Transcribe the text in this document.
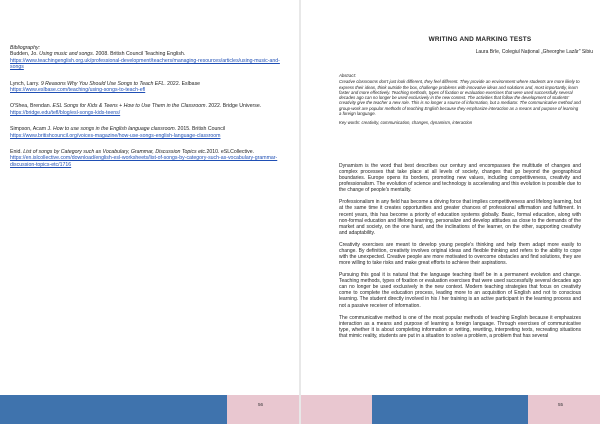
Bibliography:

Budden, Jo. Using music and songs. 2008. British Council Teaching English. https://www.teachingenglish.org.uk/professional-development/teachers/managing-resources/articles/using-music-and-songs

Lynch, Larry. 9 Reasons Why You Should Use Songs to Teach EFL. 2022. Eslbase https://www.eslbase.com/teaching/using-songs-to-teach-efl

O'Shea, Brendan. ESL Songs for Kids & Teens + How to Use Them in the Classroom. 2022. Bridge Universe. https://bridge.edu/tefl/blog/esl-songs-kids-teens/

Simpson, Acam J. How to use songs in the English language classroom. 2015. British Council https://www.britishcouncil.org/voices-magazine/how-use-songs-english-language-classroom

Enid. List of songs by Category such as Vocabulary, Grammar, Discussion Topics etc.2010. eSLCollective. https://en.islcollective.com/download/english-esl-worksheets/list-of-songs-by-category-such-as-vocabulary-grammar-discussion-topics-etc/1716

WRITING AND MARKING TESTS
Laura Brîe, Colegiul Național „Gheorghe Lazăr" Sibiu
Abstract:
Creative classrooms don't just look different, they feel different. They provide an environment where students are more likely to express their ideas, think outside the box, challenge problems with innovative ideas and solutions and, most importantly, learn faster and more effectively. Teaching methods, types of fixation or evaluation exercises that were used successfully several decades ago can no longer be used exclusively in the new context. The activities that follow the development of students' creativity give the teacher a new role. This is no longer a source of information, but a mediator. The communicative method and group-work are popular methods of teaching English because they emphasize interaction as a means and purpose of learning a foreign language.
Key words: creativity, communication, changes, dynamism, interaction

Dynamism is the word that best describes our century and encompasses the multitude of changes and complex processes that take place at all levels of society, changes that go beyond the geographical boundaries. Europe opens its borders, promoting new values, including competitiveness, creativity and professionalism. The evolution of science and technology is accelerating and this evolution is possible due to the change of people's mentality.

Professionalism in any field has become a driving force that implies competitiveness and lifelong learning, but at the same time it creates opportunities and greater chances of professional affirmation and fulfilment. In recent years, this has become a priority of education systems globally. Basic, formal education, along with non-formal education and lifelong learning, personalize and develop attitudes as close to the demands of the market and society, on the one hand, and the inclinations of the learner, on the other, supporting creativity and adaptability.

Creativity exercises are meant to develop young people's thinking and help them adapt more easily to change. By definition, creativity involves original ideas and flexible thinking and refers to the ability to cope with the unexpected. Creative people are more motivated to overcome obstacles and find solutions, they are more willing to take risks and make great efforts to achieve their aspirations.

Pursuing this goal it is natural that the language teaching itself be in a permanent evolution and change. Teaching methods, types of fixation or evaluation exercises that were used successfully several decades ago can no longer be used exclusively in the new context. Modern teaching strategies that focus on creativity come to complete the education process, leading more to an acquisition of English and not to conscious learning. The student directly involved in his / her training is an active participant in the learning process and not a passive receiver of information.

The communicative method is one of the most popular methods of teaching English because it emphasizes interaction as a means and purpose of learning a foreign language. Through exercises of communicative type, whether it is about completing information or writing, rewriting, interpreting texts, recreating situations that mimic reality, students are put in a situation to solve a problem, a problem that has several

56	55
